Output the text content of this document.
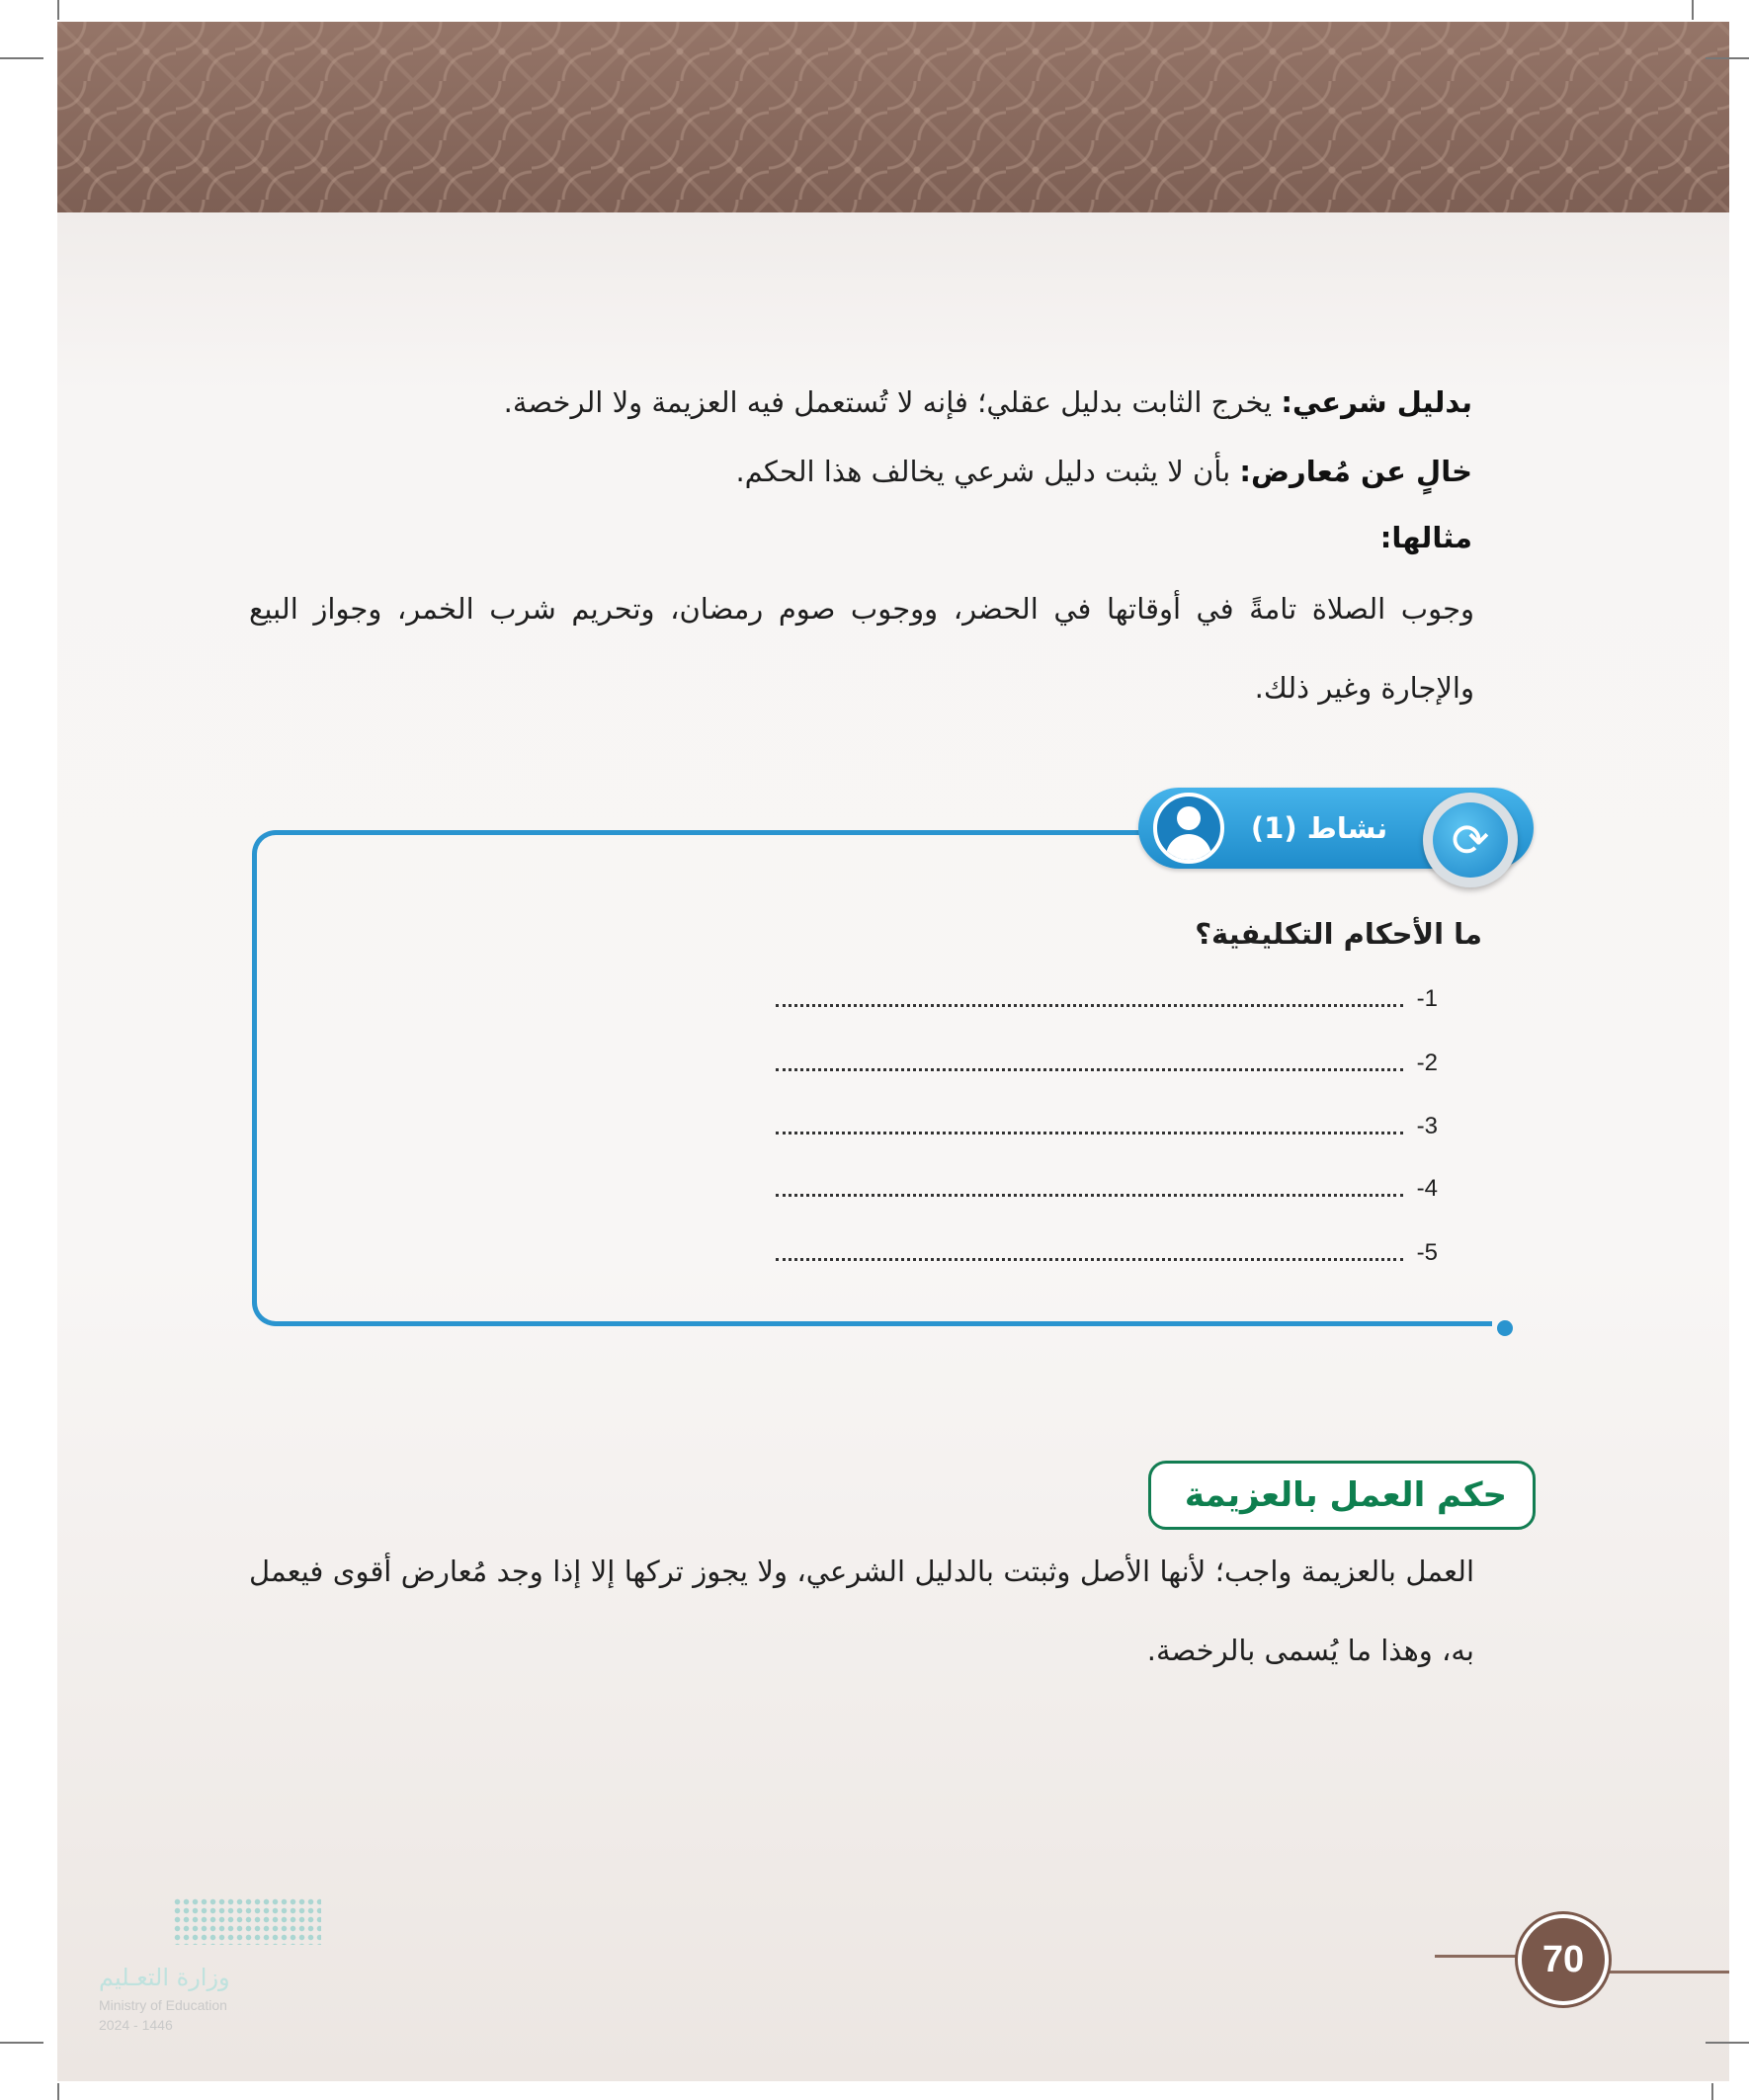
بدليل شرعي: يخرج الثابت بدليل عقلي؛ فإنه لا تُستعمل فيه العزيمة ولا الرخصة.
خالٍ عن مُعارض: بأن لا يثبت دليل شرعي يخالف هذا الحكم.
مثالها:
وجوب الصلاة تامةً في أوقاتها في الحضر، ووجوب صوم رمضان، وتحريم شرب الخمر، وجواز البيع والإجارة وغير ذلك.
نشاط (1)	⟳
ما الأحكام التكليفية؟
-1
-2
-3
-4
-5
حكم العمل بالعزيمة
العمل بالعزيمة واجب؛ لأنها الأصل وثبتت بالدليل الشرعي، ولا يجوز تركها إلا إذا وجد مُعارض أقوى فيعمل به، وهذا ما يُسمى بالرخصة.
70
وزارة التعـليم
Ministry of Education
2024 - 1446
